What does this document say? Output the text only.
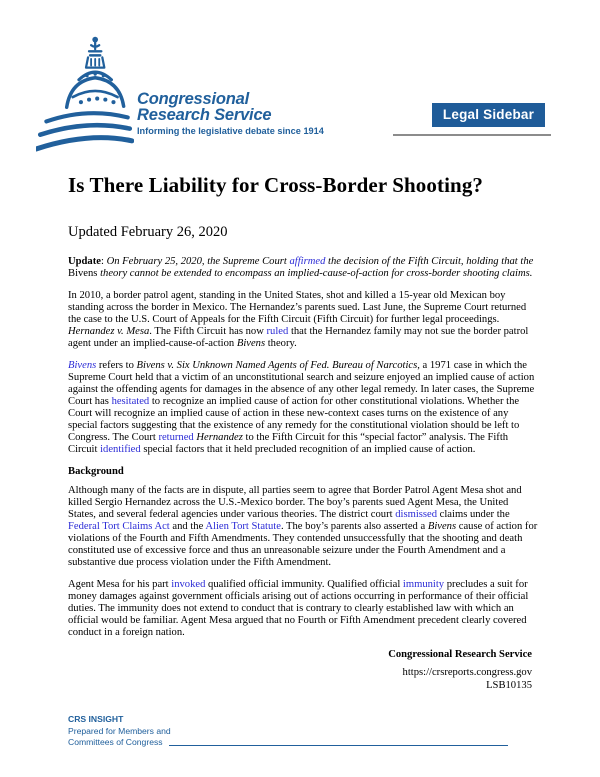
Congressional
Research Service
Informing the legislative debate since 1914
Legal Sidebar
Is There Liability for Cross-Border Shooting?
Updated February 26, 2020

Update: On February 25, 2020, the Supreme Court affirmed the decision of the Fifth Circuit, holding that the Bivens theory cannot be extended to encompass an implied-cause-of-action for cross-border shooting claims.

In 2010, a border patrol agent, standing in the United States, shot and killed a 15-year old Mexican boy standing across the border in Mexico. The Hernandez’s parents sued. Last June, the Supreme Court returned the case to the U.S. Court of Appeals for the Fifth Circuit (Fifth Circuit) for further legal proceedings. Hernandez v. Mesa. The Fifth Circuit has now ruled that the Hernandez family may not sue the border patrol agent under an implied-cause-of-action Bivens theory.

Bivens refers to Bivens v. Six Unknown Named Agents of Fed. Bureau of Narcotics, a 1971 case in which the Supreme Court held that a victim of an unconstitutional search and seizure enjoyed an implied cause of action against the offending agents for damages in the absence of any other legal remedy. In later cases, the Supreme Court has hesitated to recognize an implied cause of action for other constitutional violations. Whether the Court will recognize an implied cause of action in these new-context cases turns on the existence of any special factors suggesting that the existence of any remedy for the constitutional violation should be left to Congress. The Court returned Hernandez to the Fifth Circuit for this “special factor” analysis. The Fifth Circuit identified special factors that it held precluded recognition of an implied cause of action.

Background

Although many of the facts are in dispute, all parties seem to agree that Border Patrol Agent Mesa shot and killed Sergio Hernandez across the U.S.-Mexico border. The boy’s parents sued Agent Mesa, the United States, and several federal agencies under various theories. The district court dismissed claims under the Federal Tort Claims Act and the Alien Tort Statute. The boy’s parents also asserted a Bivens cause of action for violations of the Fourth and Fifth Amendments. They contended unsuccessfully that the shooting and death constituted use of excessive force and thus an unreasonable seizure under the Fourth Amendment and a substantive due process violation under the Fifth Amendment.

Agent Mesa for his part invoked qualified official immunity. Qualified official immunity precludes a suit for money damages against government officials arising out of actions occurring in performance of their official duties. The immunity does not extend to conduct that is contrary to clearly established law with which an official would be familiar. Agent Mesa argued that no Fourth or Fifth Amendment precedent clearly covered conduct in a foreign nation.

Congressional Research Service
https://crsreports.congress.gov
LSB10135
CRS INSIGHT
Prepared for Members and
Committees of Congress
